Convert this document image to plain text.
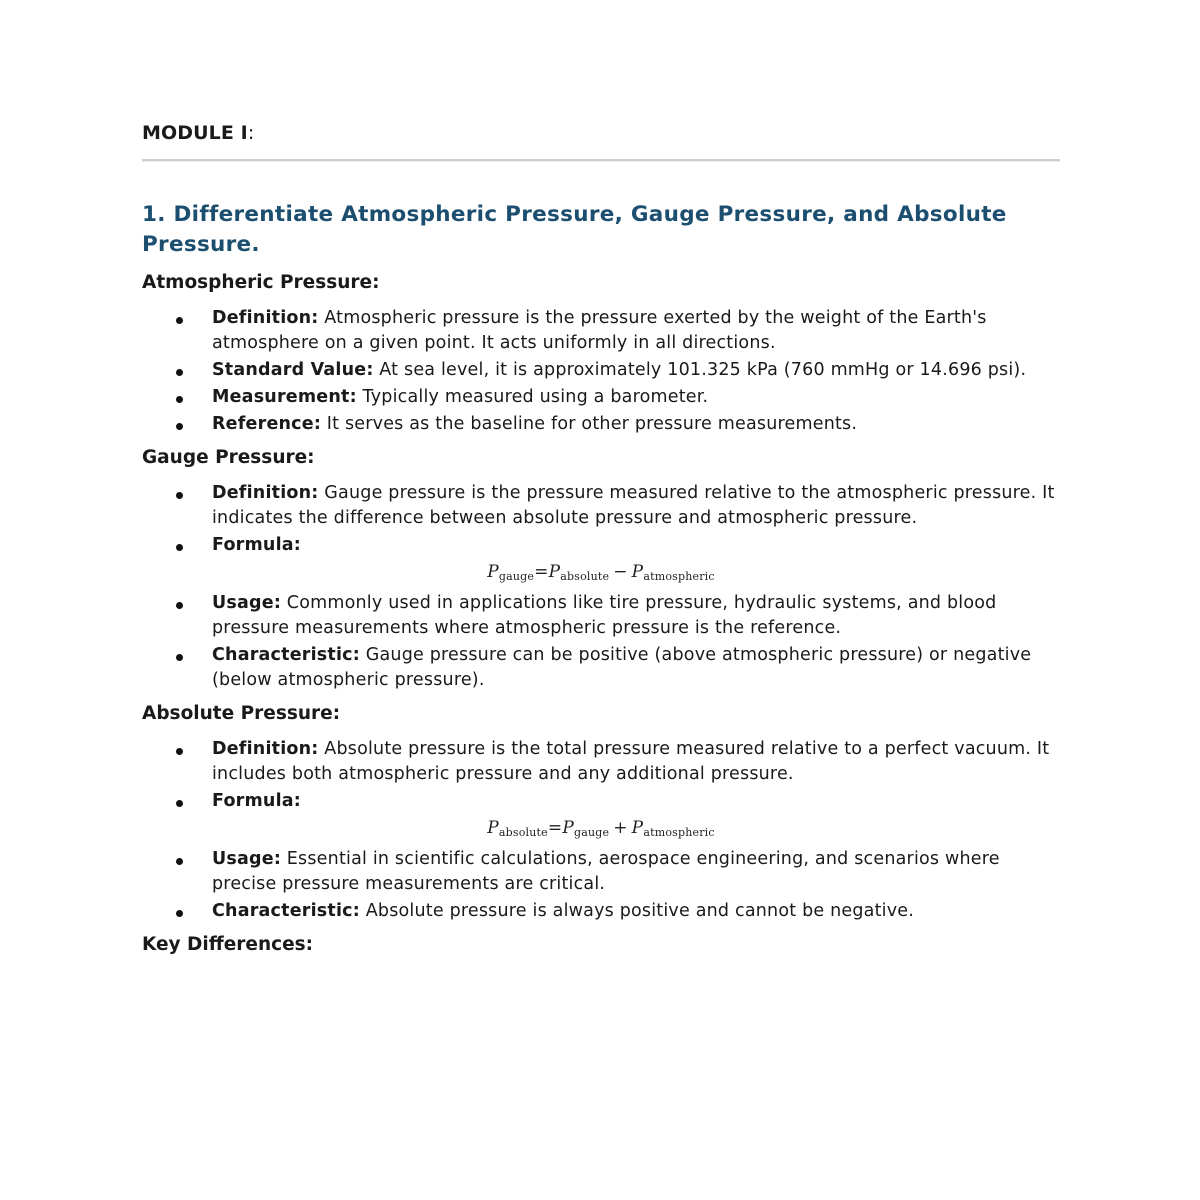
MODULE I:

1. Differentiate Atmospheric Pressure, Gauge Pressure, and Absolute Pressure.
Atmospheric Pressure:
Definition: Atmospheric pressure is the pressure exerted by the weight of the Earth's atmosphere on a given point. It acts uniformly in all directions.
Standard Value: At sea level, it is approximately 101.325 kPa (760 mmHg or 14.696 psi).
Measurement: Typically measured using a barometer.
Reference: It serves as the baseline for other pressure measurements.
Gauge Pressure:
Definition: Gauge pressure is the pressure measured relative to the atmospheric pressure. It indicates the difference between absolute pressure and atmospheric pressure.
Formula:
$P_{gauge}=P_{absolute} - P_{atmospheric}$
Usage: Commonly used in applications like tire pressure, hydraulic systems, and blood pressure measurements where atmospheric pressure is the reference.
Characteristic: Gauge pressure can be positive (above atmospheric pressure) or negative (below atmospheric pressure).
Absolute Pressure:
Definition: Absolute pressure is the total pressure measured relative to a perfect vacuum. It includes both atmospheric pressure and any additional pressure.
Formula:
$P_{absolute}=P_{gauge} + P_{atmospheric}$
Usage: Essential in scientific calculations, aerospace engineering, and scenarios where precise pressure measurements are critical.
Characteristic: Absolute pressure is always positive and cannot be negative.
Key Differences:
